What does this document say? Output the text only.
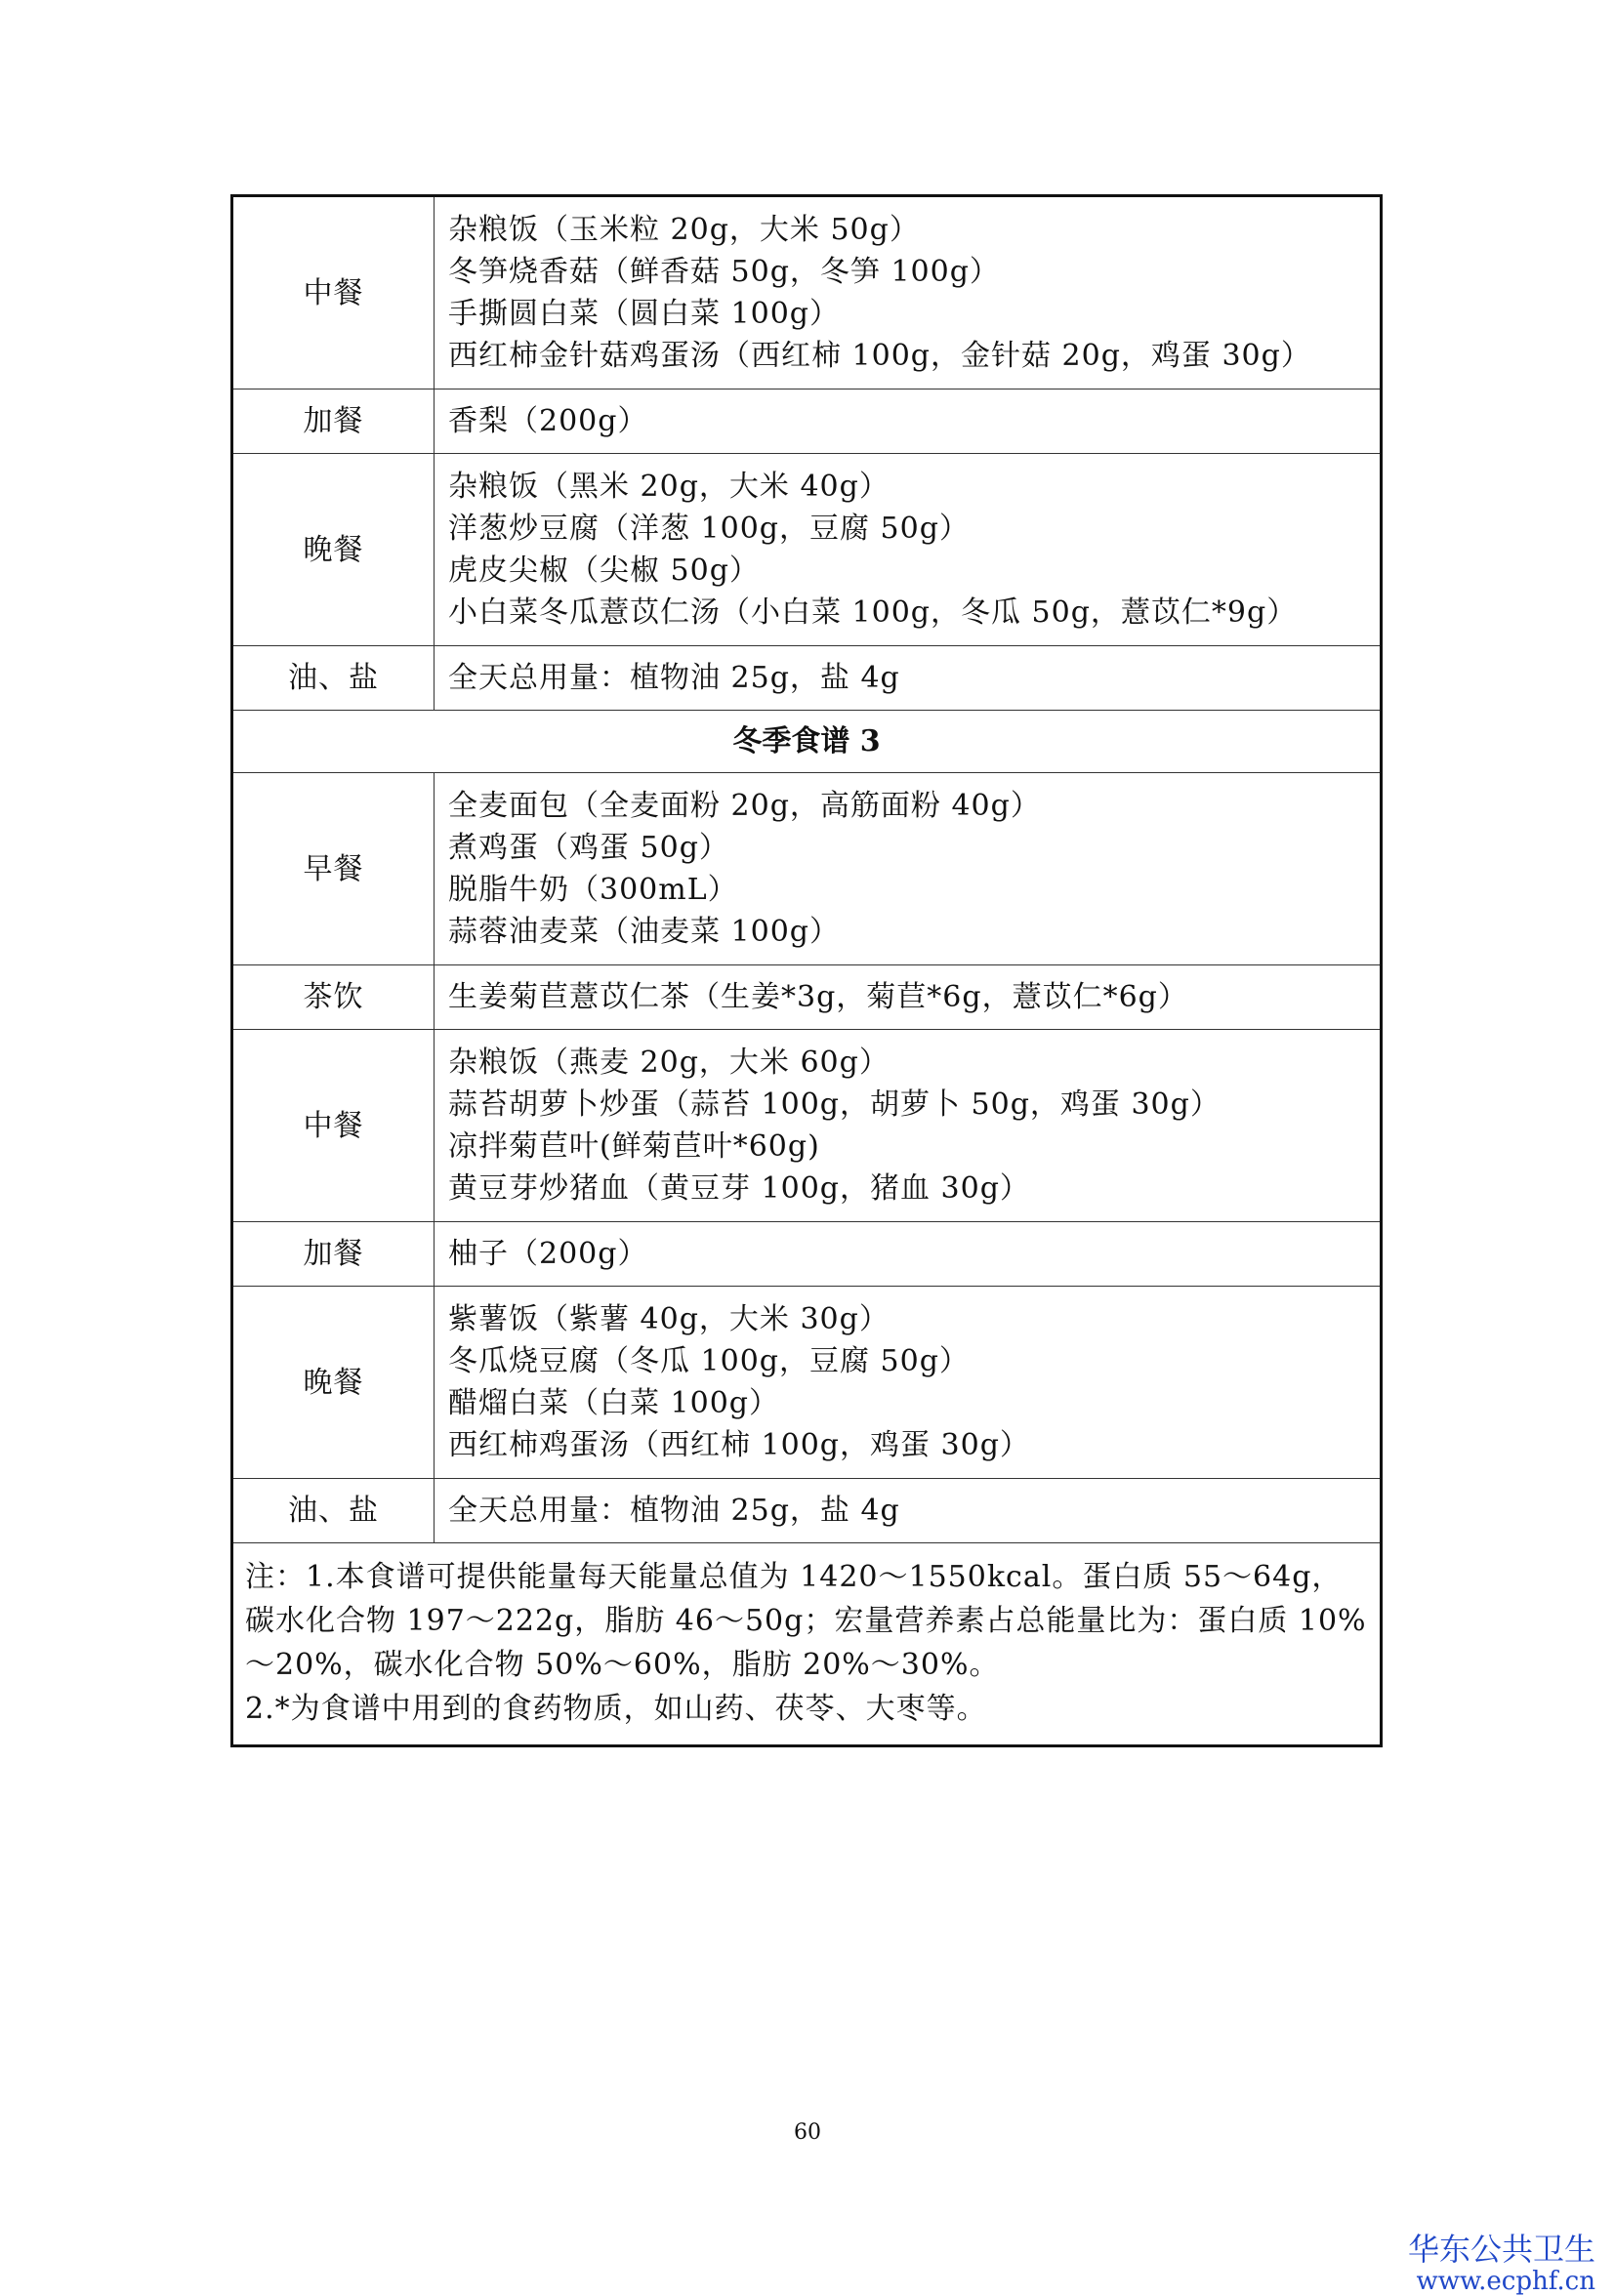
中餐	杂粮饭（玉米粒 20g，大米 50g）
冬笋烧香菇（鲜香菇 50g，冬笋 100g）
手撕圆白菜（圆白菜 100g）
西红柿金针菇鸡蛋汤（西红柿 100g，金针菇 20g，鸡蛋 30g）

加餐	香梨（200g）

晚餐	杂粮饭（黑米 20g，大米 40g）
洋葱炒豆腐（洋葱 100g，豆腐 50g）
虎皮尖椒（尖椒 50g）
小白菜冬瓜薏苡仁汤（小白菜 100g，冬瓜 50g，薏苡仁*9g）

油、盐	全天总用量：植物油 25g，盐 4g

冬季食谱 3	
早餐	全麦面包（全麦面粉 20g，高筋面粉 40g）
煮鸡蛋（鸡蛋 50g）
脱脂牛奶（300mL）
蒜蓉油麦菜（油麦菜 100g）

茶饮	生姜菊苣薏苡仁茶（生姜*3g，菊苣*6g，薏苡仁*6g）

中餐	杂粮饭（燕麦 20g，大米 60g）
蒜苔胡萝卜炒蛋（蒜苔 100g，胡萝卜 50g，鸡蛋 30g）
凉拌菊苣叶(鲜菊苣叶*60g)
黄豆芽炒猪血（黄豆芽 100g，猪血 30g）

加餐	柚子（200g）

晚餐	紫薯饭（紫薯 40g，大米 30g）
冬瓜烧豆腐（冬瓜 100g，豆腐 50g）
醋熘白菜（白菜 100g）
西红柿鸡蛋汤（西红柿 100g，鸡蛋 30g）

油、盐	全天总用量：植物油 25g，盐 4g

注：1.本食谱可提供能量每天能量总值为 1420～1550kcal。蛋白质 55～64g，碳水化合物 197～222g，脂肪 46～50g；宏量营养素占总能量比为：蛋白质 10%～20%，碳水化合物 50%～60%，脂肪 20%～30%。
2.*为食谱中用到的食药物质，如山药、茯苓、大枣等。	
60
华东公共卫生
www.ecphf.cn
